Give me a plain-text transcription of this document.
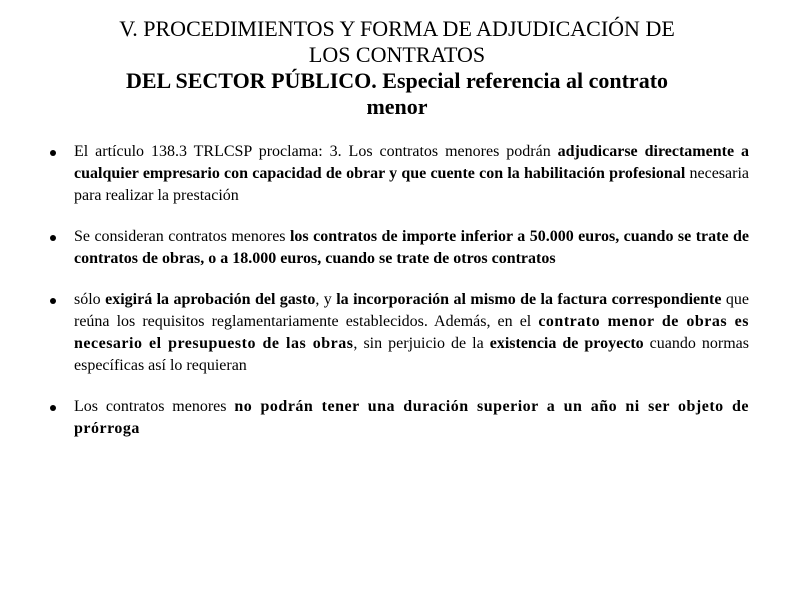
V. PROCEDIMIENTOS Y FORMA DE ADJUDICACIÓN DE
LOS CONTRATOS
DEL SECTOR PÚBLICO. Especial referencia al contrato
menor
El artículo 138.3 TRLCSP proclama: 3. Los contratos menores podrán adjudicarse directamente a cualquier empresario con capacidad de obrar y que cuente con la habilitación profesional necesaria para realizar la prestación
Se consideran contratos menores los contratos de importe inferior a 50.000 euros, cuando se trate de contratos de obras, o a 18.000 euros, cuando se trate de otros contratos
sólo exigirá la aprobación del gasto, y la incorporación al mismo de la factura correspondiente que reúna los requisitos reglamentariamente establecidos. Además, en el contrato menor de obras es necesario el presupuesto de las obras, sin perjuicio de la existencia de proyecto cuando normas específicas así lo requieran
Los contratos menores no podrán tener una duración superior a un año ni ser objeto de prórroga
